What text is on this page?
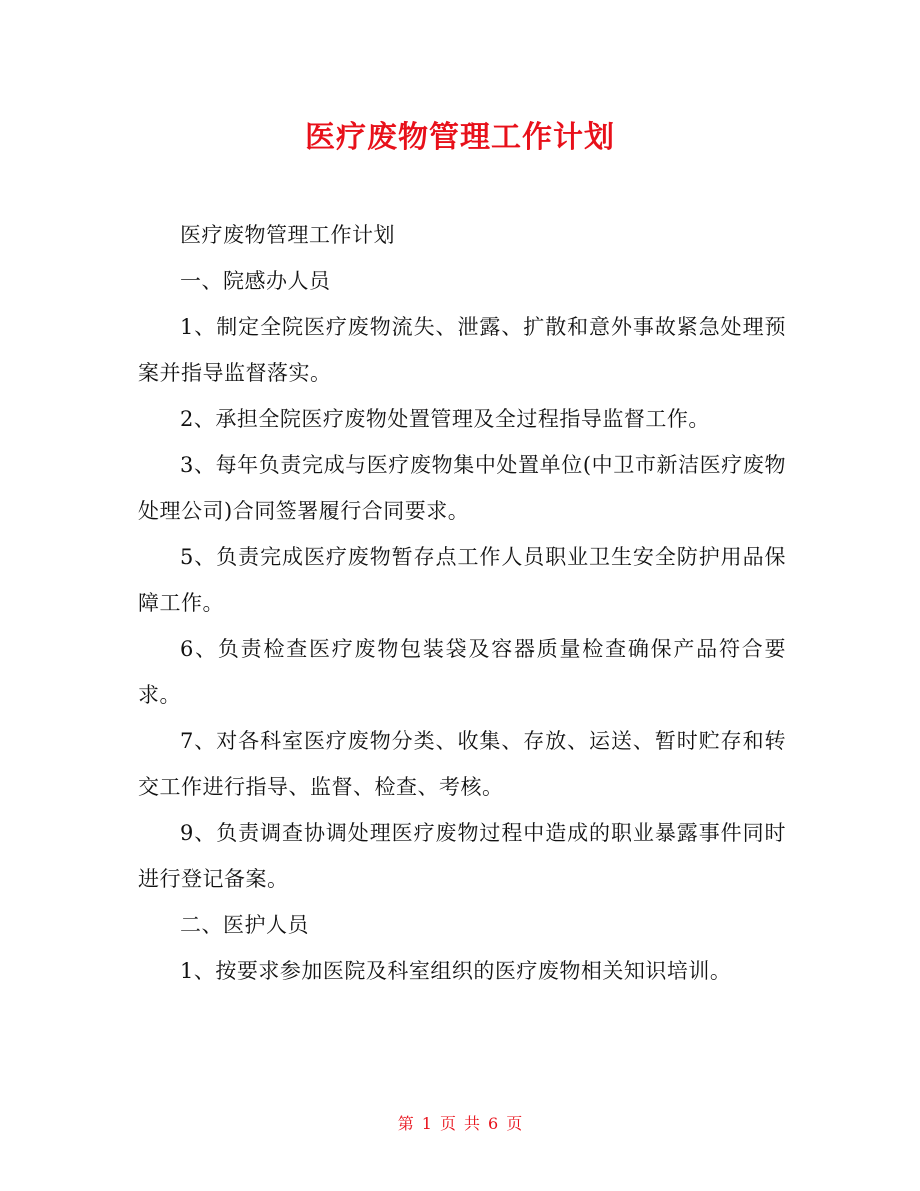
医疗废物管理工作计划

医疗废物管理工作计划

一、院感办人员

1、制定全院医疗废物流失、泄露、扩散和意外事故紧急处理预案并指导监督落实。

2、承担全院医疗废物处置管理及全过程指导监督工作。

3、每年负责完成与医疗废物集中处置单位(中卫市新洁医疗废物处理公司)合同签署履行合同要求。

5、负责完成医疗废物暂存点工作人员职业卫生安全防护用品保障工作。

6、负责检查医疗废物包装袋及容器质量检查确保产品符合要求。

7、对各科室医疗废物分类、收集、存放、运送、暂时贮存和转交工作进行指导、监督、检查、考核。

9、负责调查协调处理医疗废物过程中造成的职业暴露事件同时进行登记备案。

二、医护人员

1、按要求参加医院及科室组织的医疗废物相关知识培训。

第 1 页 共 6 页
